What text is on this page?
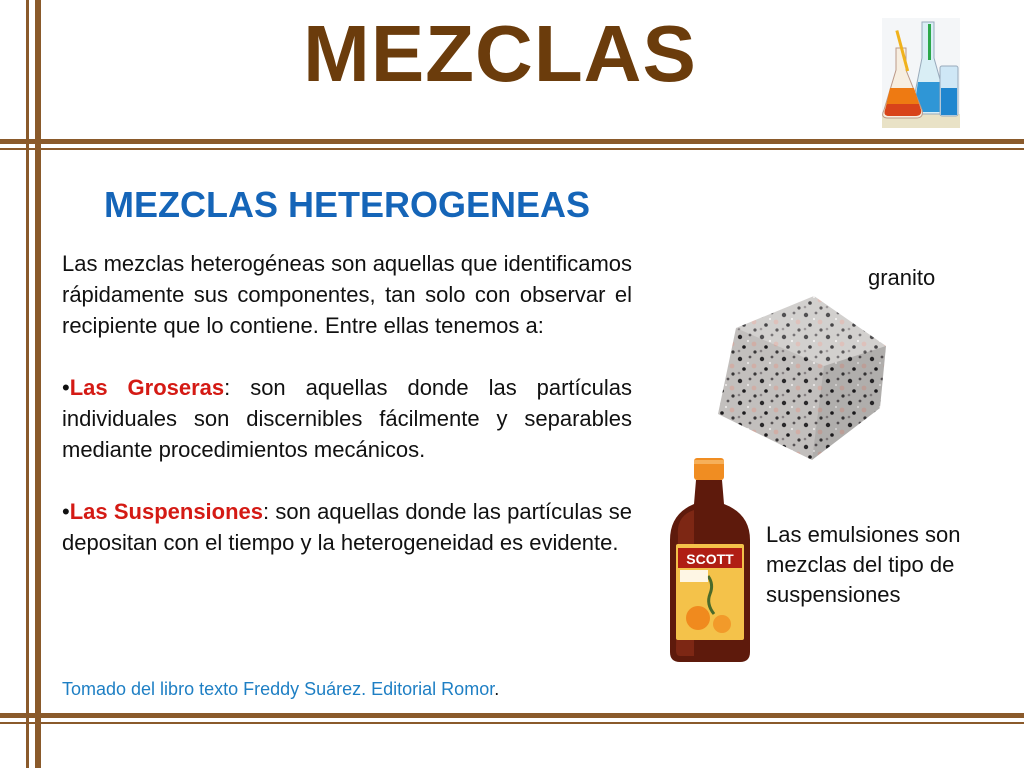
MEZCLAS
MEZCLAS HETEROGENEAS

Las mezclas heterogéneas son aquellas que identificamos rápidamente sus componentes, tan solo con observar el recipiente que lo contiene. Entre ellas tenemos a:

•Las Groseras: son aquellas donde las partículas individuales son discernibles fácilmente y separables mediante procedimientos mecánicos.

•Las Suspensiones: son aquellas donde las partículas se depositan con el tiempo y la heterogeneidad es evidente.

Tomado del libro texto Freddy Suárez. Editorial Romor.
granito
SCOTT
Las emulsiones son mezclas del tipo de suspensiones
